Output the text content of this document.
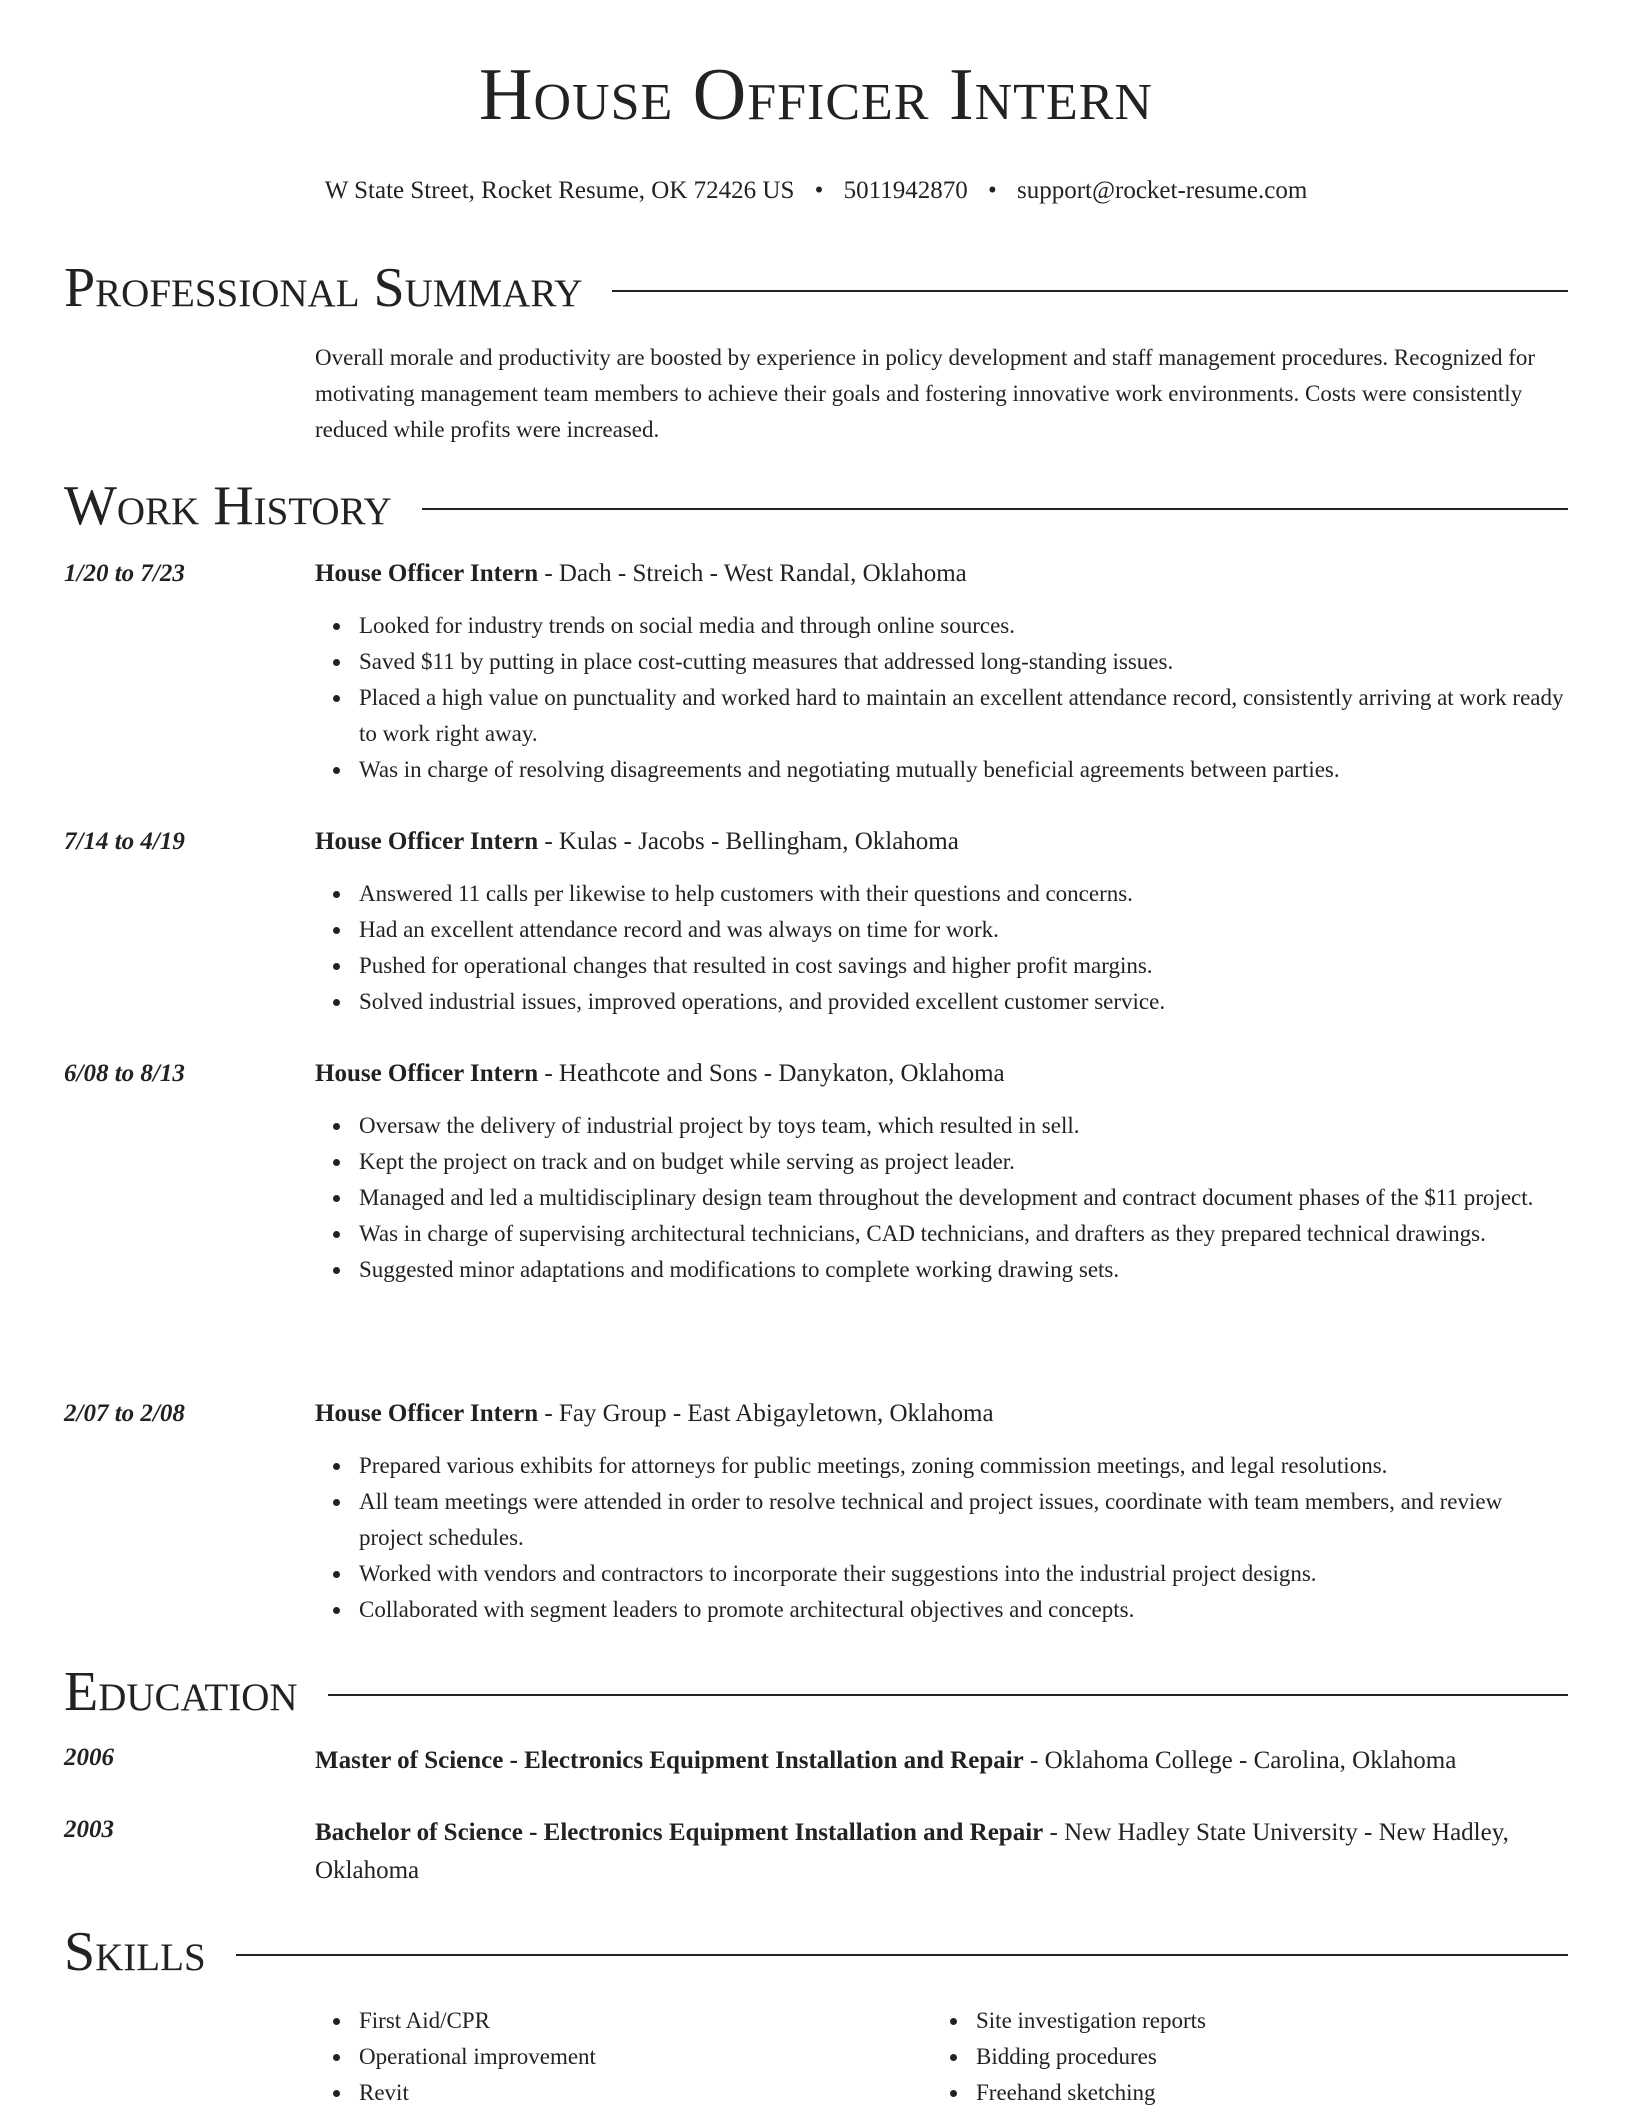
House Officer Intern
W State Street, Rocket Resume, OK 72426 US • 5011942870 • support@rocket-resume.com
Professional Summary
Overall morale and productivity are boosted by experience in policy development and staff management procedures. Recognized for motivating management team members to achieve their goals and fostering innovative work environments. Costs were consistently reduced while profits were increased.
Work History
1/20 to 7/23	House Officer Intern - Dach - Streich - West Randal, Oklahoma
Looked for industry trends on social media and through online sources.
Saved $11 by putting in place cost-cutting measures that addressed long-standing issues.
Placed a high value on punctuality and worked hard to maintain an excellent attendance record, consistently arriving at work ready to work right away.
Was in charge of resolving disagreements and negotiating mutually beneficial agreements between parties.
7/14 to 4/19	House Officer Intern - Kulas - Jacobs - Bellingham, Oklahoma
Answered 11 calls per likewise to help customers with their questions and concerns.
Had an excellent attendance record and was always on time for work.
Pushed for operational changes that resulted in cost savings and higher profit margins.
Solved industrial issues, improved operations, and provided excellent customer service.
6/08 to 8/13	House Officer Intern - Heathcote and Sons - Danykaton, Oklahoma
Oversaw the delivery of industrial project by toys team, which resulted in sell.
Kept the project on track and on budget while serving as project leader.
Managed and led a multidisciplinary design team throughout the development and contract document phases of the $11 project.
Was in charge of supervising architectural technicians, CAD technicians, and drafters as they prepared technical drawings.
Suggested minor adaptations and modifications to complete working drawing sets.
2/07 to 2/08	House Officer Intern - Fay Group - East Abigayletown, Oklahoma
Prepared various exhibits for attorneys for public meetings, zoning commission meetings, and legal resolutions.
All team meetings were attended in order to resolve technical and project issues, coordinate with team members, and review project schedules.
Worked with vendors and contractors to incorporate their suggestions into the industrial project designs.
Collaborated with segment leaders to promote architectural objectives and concepts.
Education
2006	Master of Science - Electronics Equipment Installation and Repair - Oklahoma College - Carolina, Oklahoma
2003	Bachelor of Science - Electronics Equipment Installation and Repair - New Hadley State University - New Hadley, Oklahoma
Skills
First Aid/CPR
Operational improvement
Revit
Site investigation reports
Bidding procedures
Freehand sketching
